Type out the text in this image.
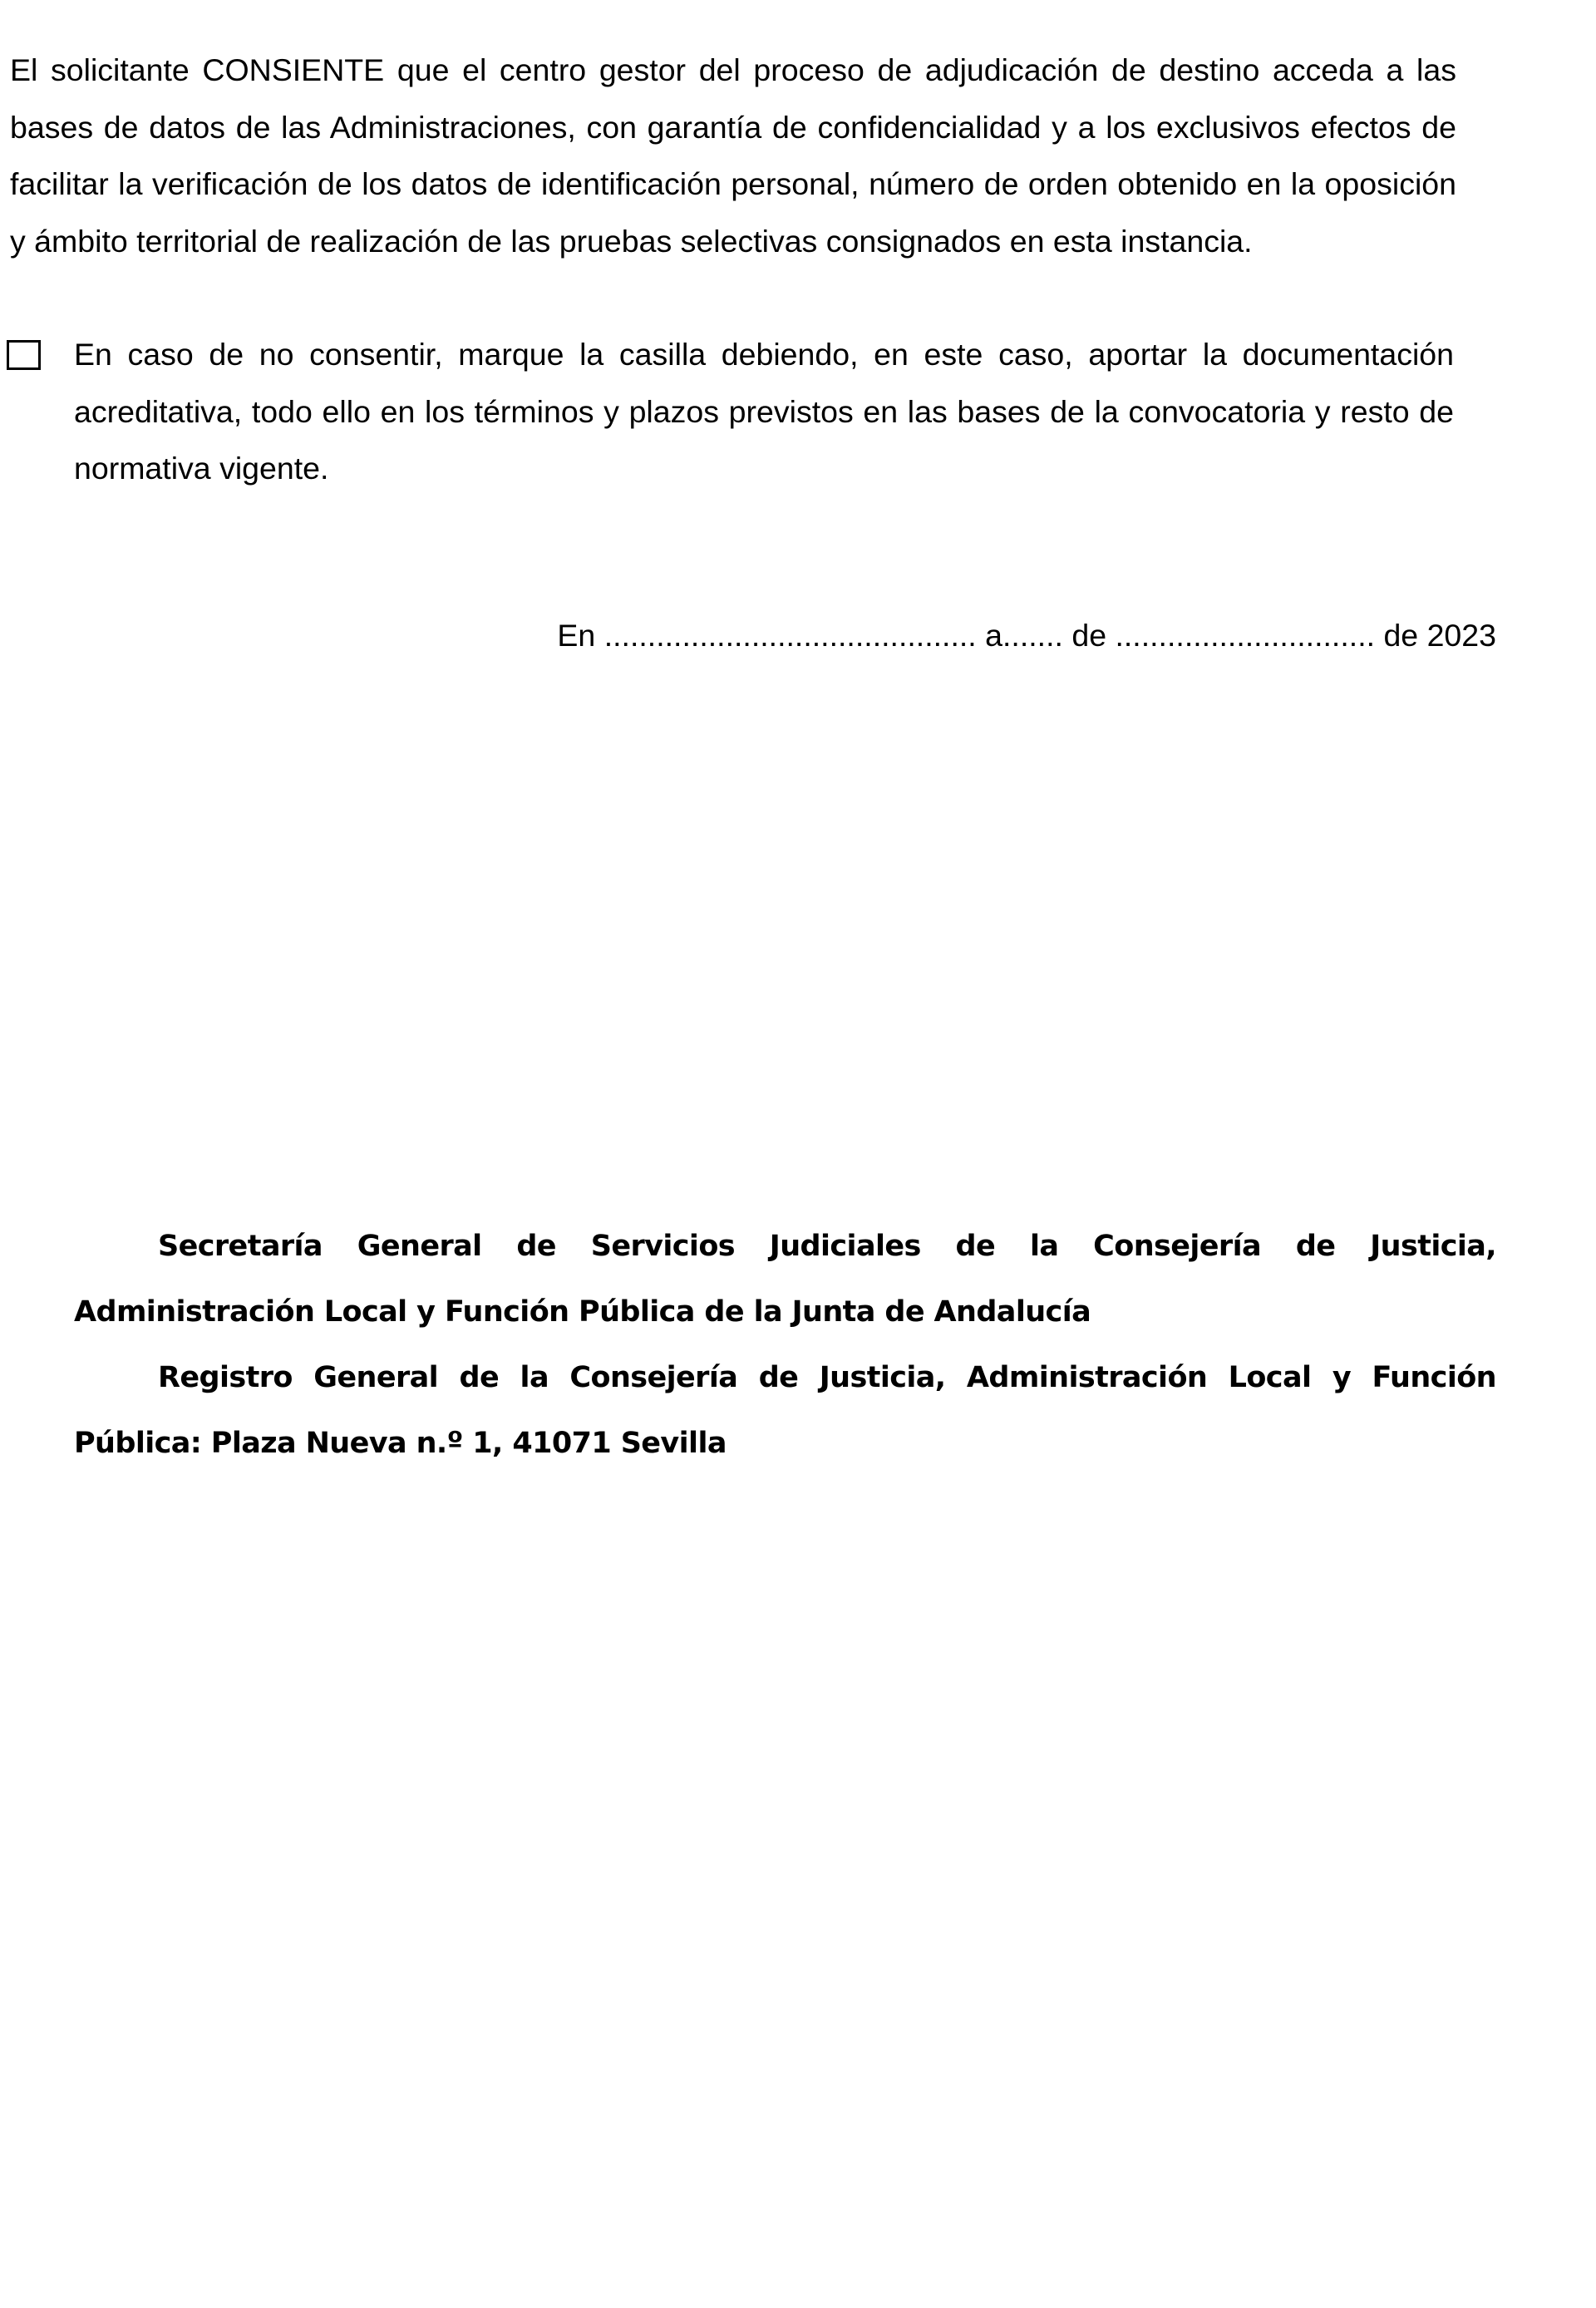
El solicitante CONSIENTE que el centro gestor del proceso de adjudicación de destino acceda a las bases de datos de las Administraciones, con garantía de confidencialidad y a los exclusivos efectos de facilitar la verificación de los datos de identificación personal, número de orden obtenido en la oposición y ámbito territorial de realización de las pruebas selectivas consignados en esta instancia.
En caso de no consentir, marque la casilla debiendo, en este caso, aportar la documentación acreditativa, todo ello en los términos y plazos previstos en las bases de la convocatoria y resto de normativa vigente.
En ........................................... a....... de .............................. de 2023

Secretaría General de Servicios Judiciales de la Consejería de Justicia, Administración Local y Función Pública de la Junta de Andalucía

Registro General de la Consejería de Justicia, Administración Local y Función Pública: Plaza Nueva n.º 1, 41071 Sevilla
